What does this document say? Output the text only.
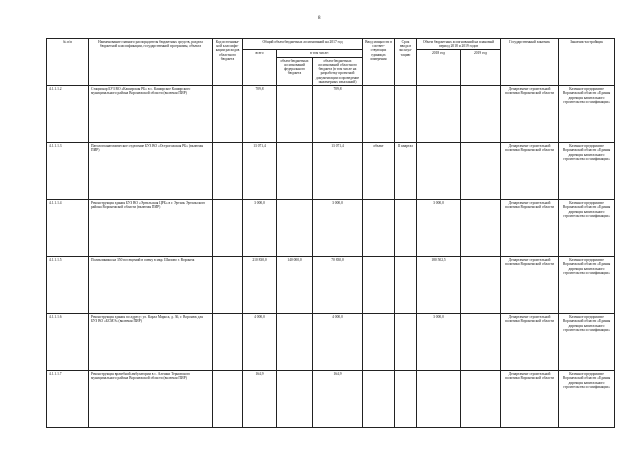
8
№ п/п	Наименование главного распорядителя бюджетных средств, раздела бюджетной классификации, государственной программы, объекта	Код источника-ной классифи-кации расходов областного бюджета	Общий объем бюджетных ассигнований на 2017 год			Ввод мощности в соответ-ствующих единицах измерения	Срок ввода в эксплуа-тацию	Объем бюджетных ассигнований на плановый период 2018 и 2019 годов		Государственный заказчик	Заказчик-застройщик
			всего	в том числе:				2018 год	2019 год		
				объем бюджетных ассигнований федерального бюджета	объем бюджетных ассигнований областного бюджета (в том числе на разработку проектной документации и проведение инженерных изысканий)						
4.1.1.1.2	Стационар БУЗ ВО «Каширская РБ» в с. Каширское Каширского муниципального района Воронежской области (включая ПИР)		709,8		709,8					Департамент строительной политики Воронежской области	Казенное предприятие Воронежской области «Единая дирекция капитального строительства и газификации»
4.1.1.1.3	Патологоанатомическое отделение БУЗ ВО «Острогожская РБ» (включая ПИР)		13 071,4		13 071,4	объект	II квартал			Департамент строительной политики Воронежской области	Казенное предприятие Воронежской области «Единая дирекция капитального строительства и газификации»
4.1.1.1.4	Реконструкция здания БУЗ ВО «Эртильская ЦРБ» в г. Эртиль Эртильского района Воронежской области (включая ПИР)		3 000,0		3 000,0			3 000,0		Департамент строительной политики Воронежской области	Казенное предприятие Воронежской области «Единая дирекция капитального строительства и газификации»
4.1.1.1.5	Поликлиника на 350 посещений в смену в мкр. Шилово г. Воронеж		210 830,0	140 000,0	70 830,0			180 502,5		Департамент строительной политики Воронежской области	Казенное предприятие Воронежской области «Единая дирекция капитального строительства и газификации»
4.1.1.1.6	Реконструкция здания по адресу: ул. Карла Маркса, д. 36, г. Воронеж для БУЗ ВО «БСМЭ» (включая ПИР)		4 000,0		4 000,0			3 000,0		Департамент строительной политики Воронежской области	Казенное предприятие Воронежской области «Единая дирекция капитального строительства и газификации»
4.1.1.1.7	Реконструкция врачебной амбулатории в с. Алешки Терновского муниципального района Воронежской области (включая ПИР)		164,9		164,9					Департамент строительной политики Воронежской области	Казенное предприятие Воронежской области «Единая дирекция капитального строительства и газификации»
